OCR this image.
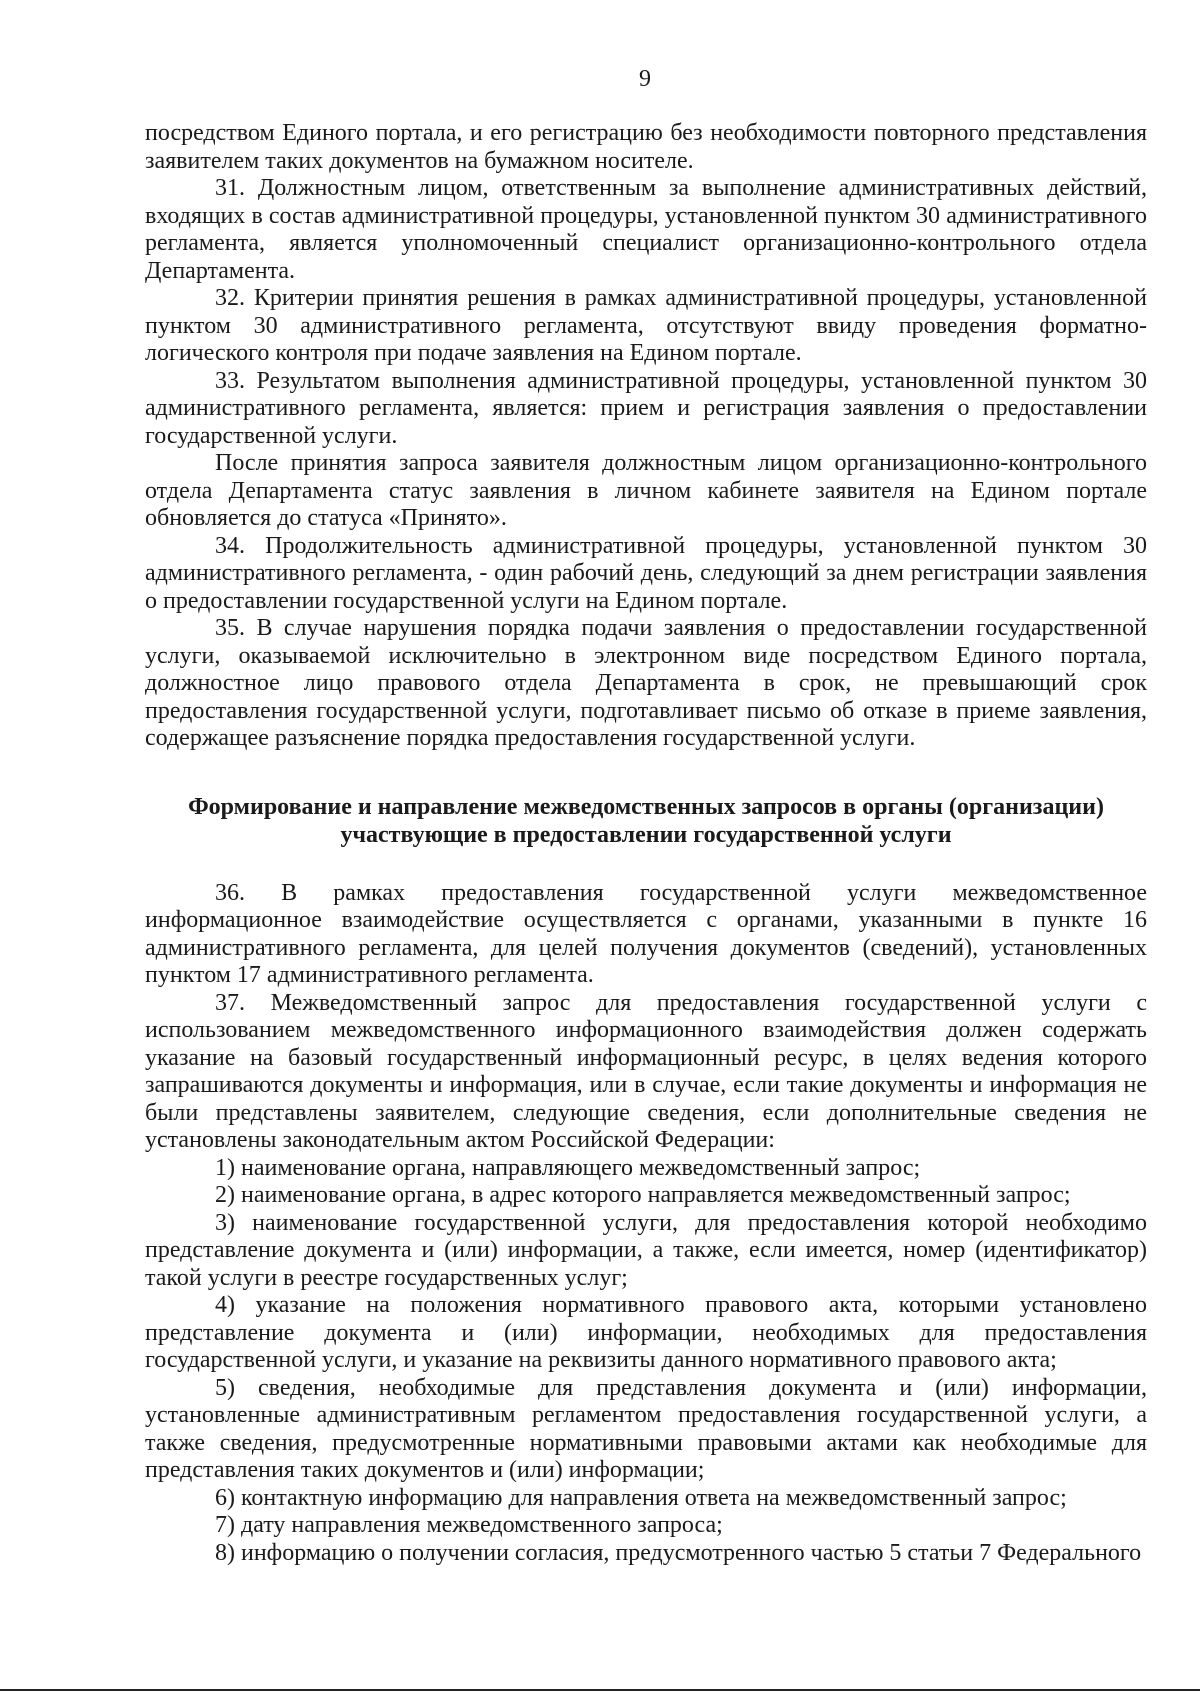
9

посредством Единого портала, и его регистрацию без необходимости повторного представления заявителем таких документов на бумажном носителе.

31. Должностным лицом, ответственным за выполнение административных действий, входящих в состав административной процедуры, установленной пунктом 30 административного регламента, является уполномоченный специалист организационно-контрольного отдела Департамента.

32. Критерии принятия решения в рамках административной процедуры, установленной пунктом 30 административного регламента, отсутствуют ввиду проведения форматно-логического контроля при подаче заявления на Едином портале.

33. Результатом выполнения административной процедуры, установленной пунктом 30 административного регламента, является: прием и регистрация заявления о предоставлении государственной услуги.

После принятия запроса заявителя должностным лицом организационно-контрольного отдела Департамента статус заявления в личном кабинете заявителя на Едином портале обновляется до статуса «Принято».

34. Продолжительность административной процедуры, установленной пунктом 30 административного регламента, - один рабочий день, следующий за днем регистрации заявления о предоставлении государственной услуги на Едином портале.

35. В случае нарушения порядка подачи заявления о предоставлении государственной услуги, оказываемой исключительно в электронном виде посредством Единого портала, должностное лицо правового отдела Департамента в срок, не превышающий срок предоставления государственной услуги, подготавливает письмо об отказе в приеме заявления, содержащее разъяснение порядка предоставления государственной услуги.

Формирование и направление межведомственных запросов в органы (организации)
участвующие в предоставлении государственной услуги

36. В рамках предоставления государственной услуги межведомственное информационное взаимодействие осуществляется с органами, указанными в пункте 16 административного регламента, для целей получения документов (сведений), установленных пунктом 17 административного регламента.

37. Межведомственный запрос для предоставления государственной услуги с использованием межведомственного информационного взаимодействия должен содержать указание на базовый государственный информационный ресурс, в целях ведения которого запрашиваются документы и информация, или в случае, если такие документы и информация не были представлены заявителем, следующие сведения, если дополнительные сведения не установлены законодательным актом Российской Федерации:

1) наименование органа, направляющего межведомственный запрос;

2) наименование органа, в адрес которого направляется межведомственный запрос;

3) наименование государственной услуги, для предоставления которой необходимо представление документа и (или) информации, а также, если имеется, номер (идентификатор) такой услуги в реестре государственных услуг;

4) указание на положения нормативного правового акта, которыми установлено представление документа и (или) информации, необходимых для предоставления государственной услуги, и указание на реквизиты данного нормативного правового акта;

5) сведения, необходимые для представления документа и (или) информации, установленные административным регламентом предоставления государственной услуги, а также сведения, предусмотренные нормативными правовыми актами как необходимые для представления таких документов и (или) информации;

6) контактную информацию для направления ответа на межведомственный запрос;

7) дату направления межведомственного запроса;

8) информацию о получении согласия, предусмотренного частью 5 статьи 7 Федерального
